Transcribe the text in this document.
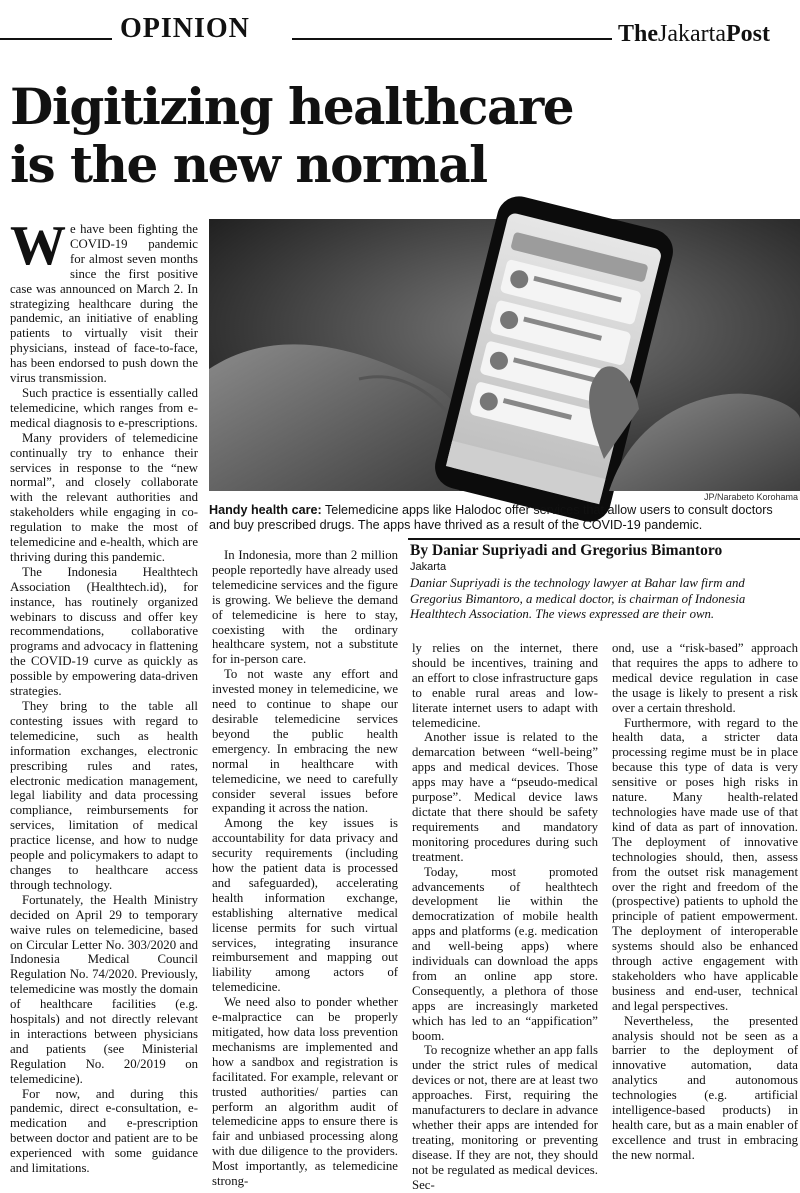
OPINION	TheJakartaPost
Digitizing healthcare
is the new normal
JP/Narabeto Korohama
Handy health care: Telemedicine apps like Halodoc offer services that allow users to consult doctors and buy prescribed drugs. The apps have thrived as a result of the COVID-19 pandemic.
By Daniar Supriyadi and Gregorius Bimantoro
Jakarta
Daniar Supriyadi is the technology lawyer at Bahar law firm and Gregorius Bimantoro, a medical doctor, is chairman of Indonesia Healthtech Association. The views expressed are their own.

We have been fighting the COVID-19 pandemic for almost seven months since the first positive case was announced on March 2. In strategizing healthcare during the pandemic, an initiative of enabling patients to virtually visit their physicians, instead of face-to-face, has been endorsed to push down the virus transmission.

Such practice is essentially called telemedicine, which ranges from e-medical diagnosis to e-prescriptions.

Many providers of telemedicine continually try to enhance their services in response to the “new normal”, and closely collaborate with the relevant authorities and stakeholders while engaging in co-regulation to make the most of telemedicine and e-health, which are thriving during this pandemic.

The Indonesia Healthtech Association (Healthtech.id), for instance, has routinely organized webinars to discuss and offer key recommendations, collaborative programs and advocacy in flattening the COVID-19 curve as quickly as possible by empowering data-driven strategies.

They bring to the table all contesting issues with regard to telemedicine, such as health information exchanges, electronic prescribing rules and rates, electronic medication management, legal liability and data processing compliance, reimbursements for services, limitation of medical practice license, and how to nudge people and policymakers to adapt to changes to healthcare access through technology.

Fortunately, the Health Ministry decided on April 29 to temporary waive rules on telemedicine, based on Circular Letter No. 303/2020 and Indonesia Medical Council Regulation No. 74/2020. Previously, telemedicine was mostly the domain of healthcare facilities (e.g. hospitals) and not directly relevant in interactions between physicians and patients (see Ministerial Regulation No. 20/2019 on telemedicine).

For now, and during this pandemic, direct e-consultation, e-medication and e-prescription between doctor and patient are to be experienced with some guidance and limitations.

In Indonesia, more than 2 million people reportedly have already used telemedicine services and the figure is growing. We believe the demand of telemedicine is here to stay, coexisting with the ordinary healthcare system, not a substitute for in-person care.

To not waste any effort and invested money in telemedicine, we need to continue to shape our desirable telemedicine services beyond the public health emergency. In embracing the new normal in healthcare with telemedicine, we need to carefully consider several issues before expanding it across the nation.

Among the key issues is accountability for data privacy and security requirements (including how the patient data is processed and safeguarded), accelerating health information exchange, establishing alternative medical license permits for such virtual services, integrating insurance reimbursement and mapping out liability among actors of telemedicine.

We need also to ponder whether e-malpractice can be properly mitigated, how data loss prevention mechanisms are implemented and how a sandbox and registration is facilitated. For example, relevant or trusted authorities/ parties can perform an algorithm audit of telemedicine apps to ensure there is fair and unbiased processing along with due diligence to the providers. Most importantly, as telemedicine strong-

ly relies on the internet, there should be incentives, training and an effort to close infrastructure gaps to enable rural areas and low-literate internet users to adapt with telemedicine.

Another issue is related to the demarcation between “well-being” apps and medical devices. Those apps may have a “pseudo-medical purpose”. Medical device laws dictate that there should be safety requirements and mandatory monitoring procedures during such treatment.

Today, most promoted advancements of healthtech development lie within the democratization of mobile health apps and platforms (e.g. medication and well-being apps) where individuals can download the apps from an online app store. Consequently, a plethora of those apps are increasingly marketed which has led to an “appification” boom.

To recognize whether an app falls under the strict rules of medical devices or not, there are at least two approaches. First, requiring the manufacturers to declare in advance whether their apps are intended for treating, monitoring or preventing disease. If they are not, they should not be regulated as medical devices. Sec-

ond, use a “risk-based” approach that requires the apps to adhere to medical device regulation in case the usage is likely to present a risk over a certain threshold.

Furthermore, with regard to the health data, a stricter data processing regime must be in place because this type of data is very sensitive or poses high risks in nature. Many health-related technologies have made use of that kind of data as part of innovation. The deployment of innovative technologies should, then, assess from the outset risk management over the right and freedom of the (prospective) patients to uphold the principle of patient empowerment. The deployment of interoperable systems should also be enhanced through active engagement with stakeholders who have applicable business and end-user, technical and legal perspectives.

Nevertheless, the presented analysis should not be seen as a barrier to the deployment of innovative automation, data analytics and autonomous technologies (e.g. artificial intelligence-based products) in health care, but as a main enabler of excellence and trust in embracing the new normal.
